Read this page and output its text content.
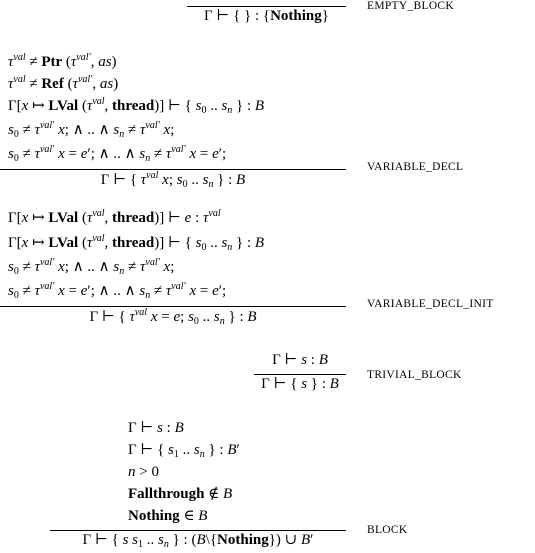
Γ ⊢ { } : {Nothing}
EMPTY_BLOCK
$\tau^{val}$ ≠ Ptr ($\tau^{val'}$, as)
$\tau^{val}$ ≠ Ref ($\tau^{val'}$, as)
Γ[x ↦ LVal ($\tau^{val}$, thread)] ⊢ { $s_0$ .. $s_n$ } : B
$s_0 \ne \tau^{val'}$ x; ∧ .. ∧ $s_n \ne \tau^{val'}$ x;
$s_0 \ne \tau^{val'}$ x = e′; ∧ .. ∧ $s_n \ne \tau^{val'}$ x = e′;
Γ ⊢ { $\tau^{val}$ x; $s_0$ .. $s_n$ } : B
VARIABLE_DECL
Γ[x ↦ LVal ($\tau^{val}$, thread)] ⊢ e : $\tau^{val}$
Γ[x ↦ LVal ($\tau^{val}$, thread)] ⊢ { $s_0$ .. $s_n$ } : B
$s_0 \ne \tau^{val'}$ x; ∧ .. ∧ $s_n \ne \tau^{val'}$ x;
$s_0 \ne \tau^{val'}$ x = e′; ∧ .. ∧ $s_n \ne \tau^{val'}$ x = e′;
Γ ⊢ { $\tau^{val}$ x = e; $s_0$ .. $s_n$ } : B
VARIABLE_DECL_INIT
Γ ⊢ s : B
Γ ⊢ { s } : B
TRIVIAL_BLOCK
Γ ⊢ s : B
Γ ⊢ { $s_1$ .. $s_n$ } : B′
n > 0
Fallthrough ∉ B
Nothing ∈ B
Γ ⊢ { s $s_1$ .. $s_n$ } : (B\{Nothing}) ∪ B′
BLOCK
